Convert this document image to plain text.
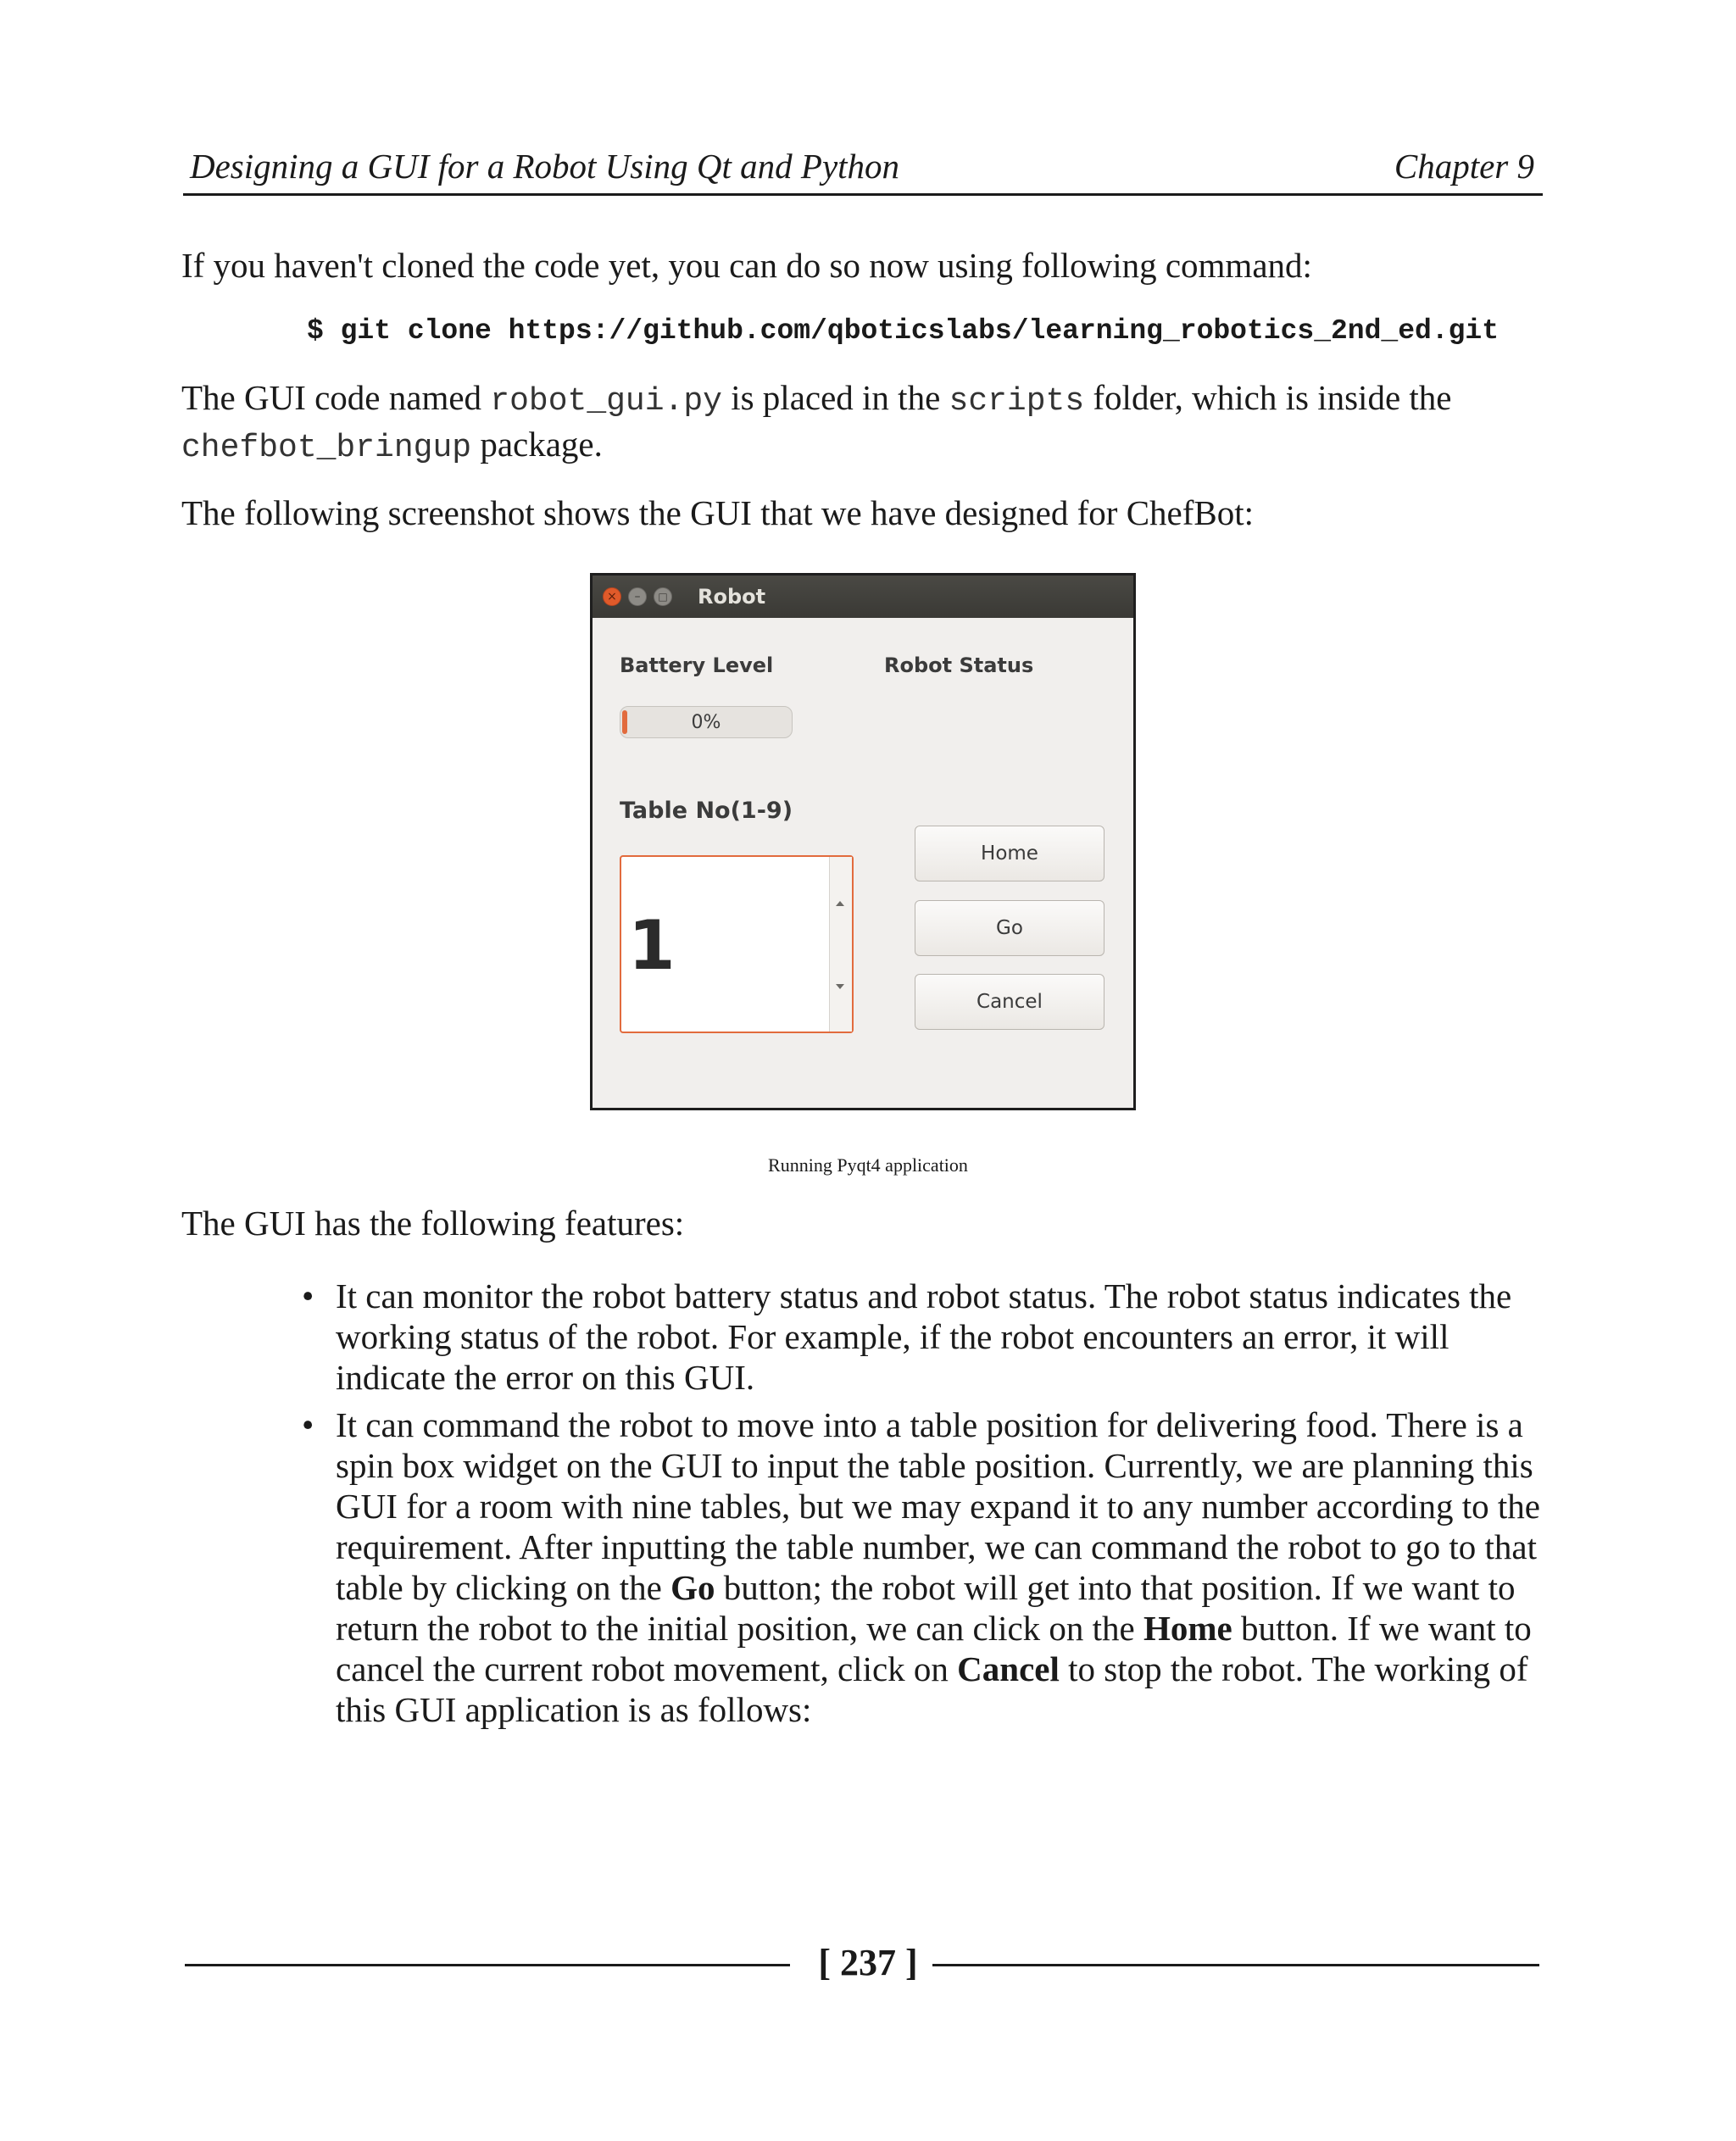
Designing a GUI for a Robot Using Qt and Python	Chapter 9

If you haven't cloned the code yet, you can do so now using following command:

$ git clone https://github.com/qboticslabs/learning_robotics_2nd_ed.git

The GUI code named robot_gui.py is placed in the scripts folder, which is inside the chefbot_bringup package.

The following screenshot shows the GUI that we have designed for ChefBot:

×	–	□ Robot
Battery Level	Robot Status
0%
Table No(1-9)
1
Home
Go
Cancel
Running Pyqt4 application

The GUI has the following features:

• It can monitor the robot battery status and robot status. The robot status indicates the working status of the robot. For example, if the robot encounters an error, it will indicate the error on this GUI.
• It can command the robot to move into a table position for delivering food. There is a spin box widget on the GUI to input the table position. Currently, we are planning this GUI for a room with nine tables, but we may expand it to any number according to the requirement. After inputting the table number, we can command the robot to go to that table by clicking on the Go button; the robot will get into that position. If we want to return the robot to the initial position, we can click on the Home button. If we want to cancel the current robot movement, click on Cancel to stop the robot. The working of this GUI application is as follows:
[ 237 ]
